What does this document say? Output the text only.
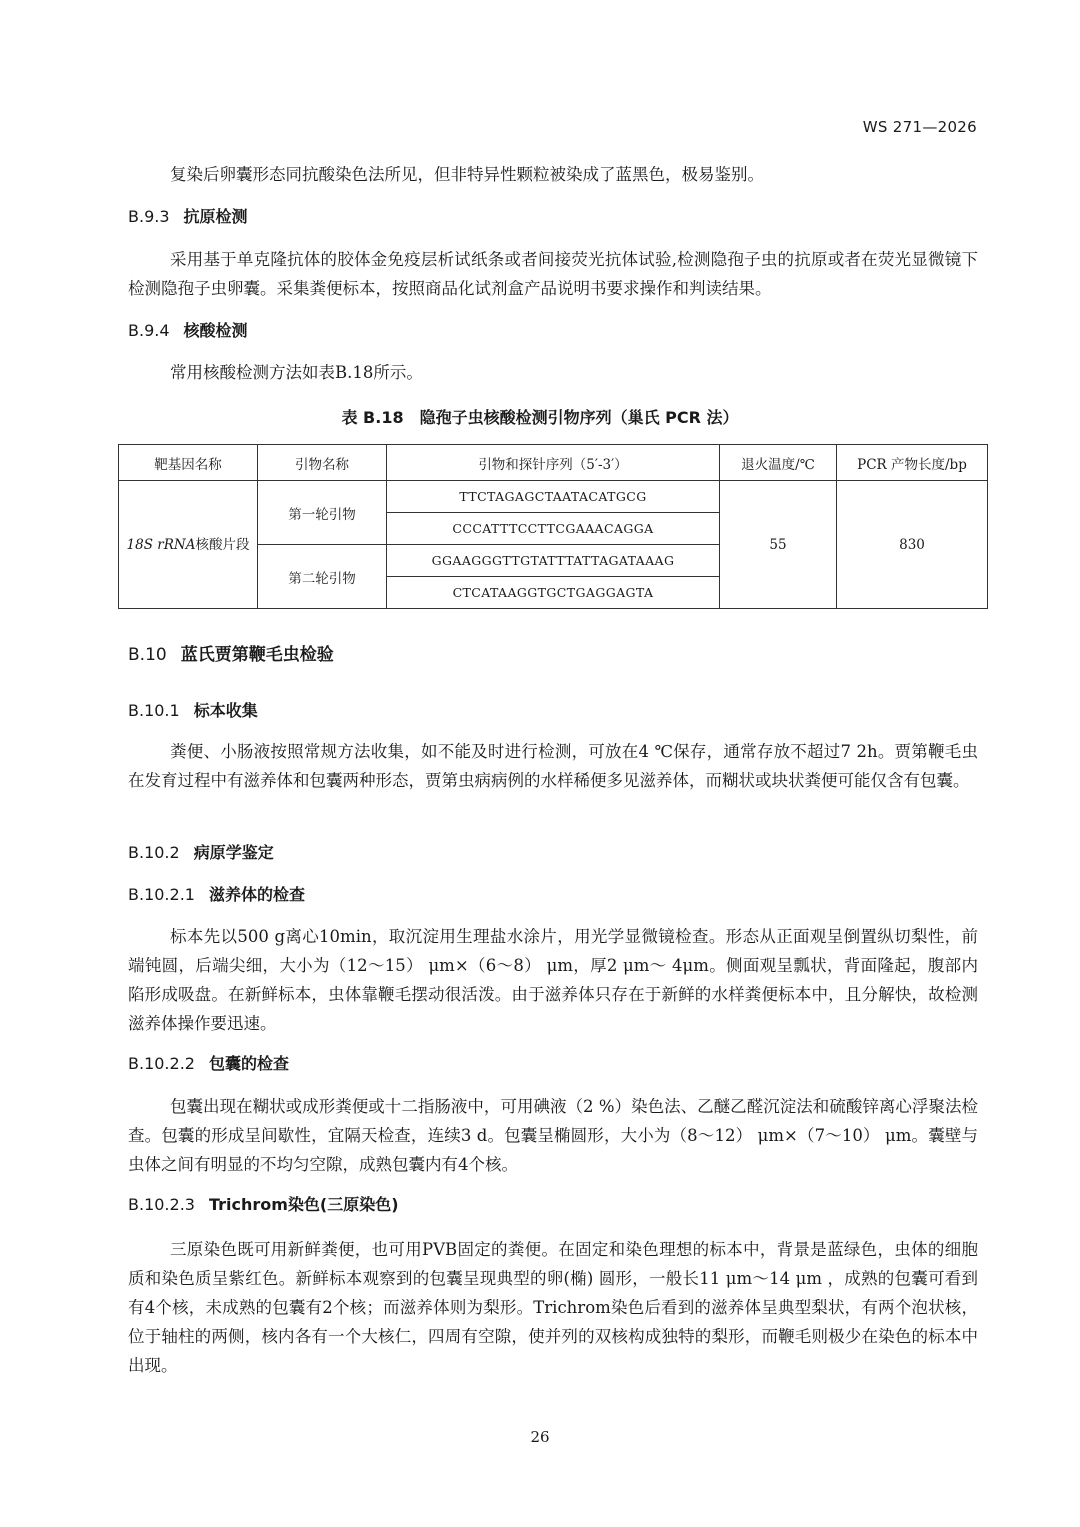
WS 271—2026
复染后卵囊形态同抗酸染色法所见，但非特异性颗粒被染成了蓝黑色，极易鉴别。
B.9.3 抗原检测
采用基于单克隆抗体的胶体金免疫层析试纸条或者间接荧光抗体试验,检测隐孢子虫的抗原或者在荧光显微镜下检测隐孢子虫卵囊。采集粪便标本，按照商品化试剂盒产品说明书要求操作和判读结果。
B.9.4 核酸检测
常用核酸检测方法如表B.18所示。
表 B.18　隐孢子虫核酸检测引物序列（巢氏 PCR 法）
靶基因名称	引物名称	引物和探针序列（5′-3′）	退火温度/℃	PCR 产物长度/bp
18S rRNA核酸片段	第一轮引物	TTCTAGAGCTAATACATGCG	55	830
		CCCATTTCCTTCGAAACAGGA		
	第二轮引物	GGAAGGGTTGTATTTATTAGATAAAG		
		CTCATAAGGTGCTGAGGAGTA		
B.10 蓝氏贾第鞭毛虫检验
B.10.1 标本收集
粪便、小肠液按照常规方法收集，如不能及时进行检测，可放在4 ℃保存，通常存放不超过7 2h。贾第鞭毛虫在发育过程中有滋养体和包囊两种形态，贾第虫病病例的水样稀便多见滋养体，而糊状或块状粪便可能仅含有包囊。
B.10.2 病原学鉴定
B.10.2.1 滋养体的检查
标本先以500 g离心10min，取沉淀用生理盐水涂片，用光学显微镜检查。形态从正面观呈倒置纵切梨性，前端钝圆，后端尖细，大小为（12～15） μm×（6～8） μm，厚2 μm～ 4μm。侧面观呈瓢状，背面隆起，腹部内陷形成吸盘。在新鲜标本，虫体靠鞭毛摆动很活泼。由于滋养体只存在于新鲜的水样粪便标本中，且分解快，故检测滋养体操作要迅速。
B.10.2.2 包囊的检查
包囊出现在糊状或成形粪便或十二指肠液中，可用碘液（2 %）染色法、乙醚乙醛沉淀法和硫酸锌离心浮聚法检查。包囊的形成呈间歇性，宜隔天检查，连续3 d。包囊呈椭圆形，大小为（8～12） μm×（7～10） μm。囊壁与虫体之间有明显的不均匀空隙，成熟包囊内有4个核。
B.10.2.3 Trichrom染色(三原染色)
三原染色既可用新鲜粪便，也可用PVB固定的粪便。在固定和染色理想的标本中，背景是蓝绿色，虫体的细胞质和染色质呈紫红色。新鲜标本观察到的包囊呈现典型的卵(椭) 圆形，一般长11 μm～14 μm ，成熟的包囊可看到有4个核，未成熟的包囊有2个核；而滋养体则为梨形。Trichrom染色后看到的滋养体呈典型梨状，有两个泡状核，位于轴柱的两侧，核内各有一个大核仁，四周有空隙，使并列的双核构成独特的梨形，而鞭毛则极少在染色的标本中出现。
26
